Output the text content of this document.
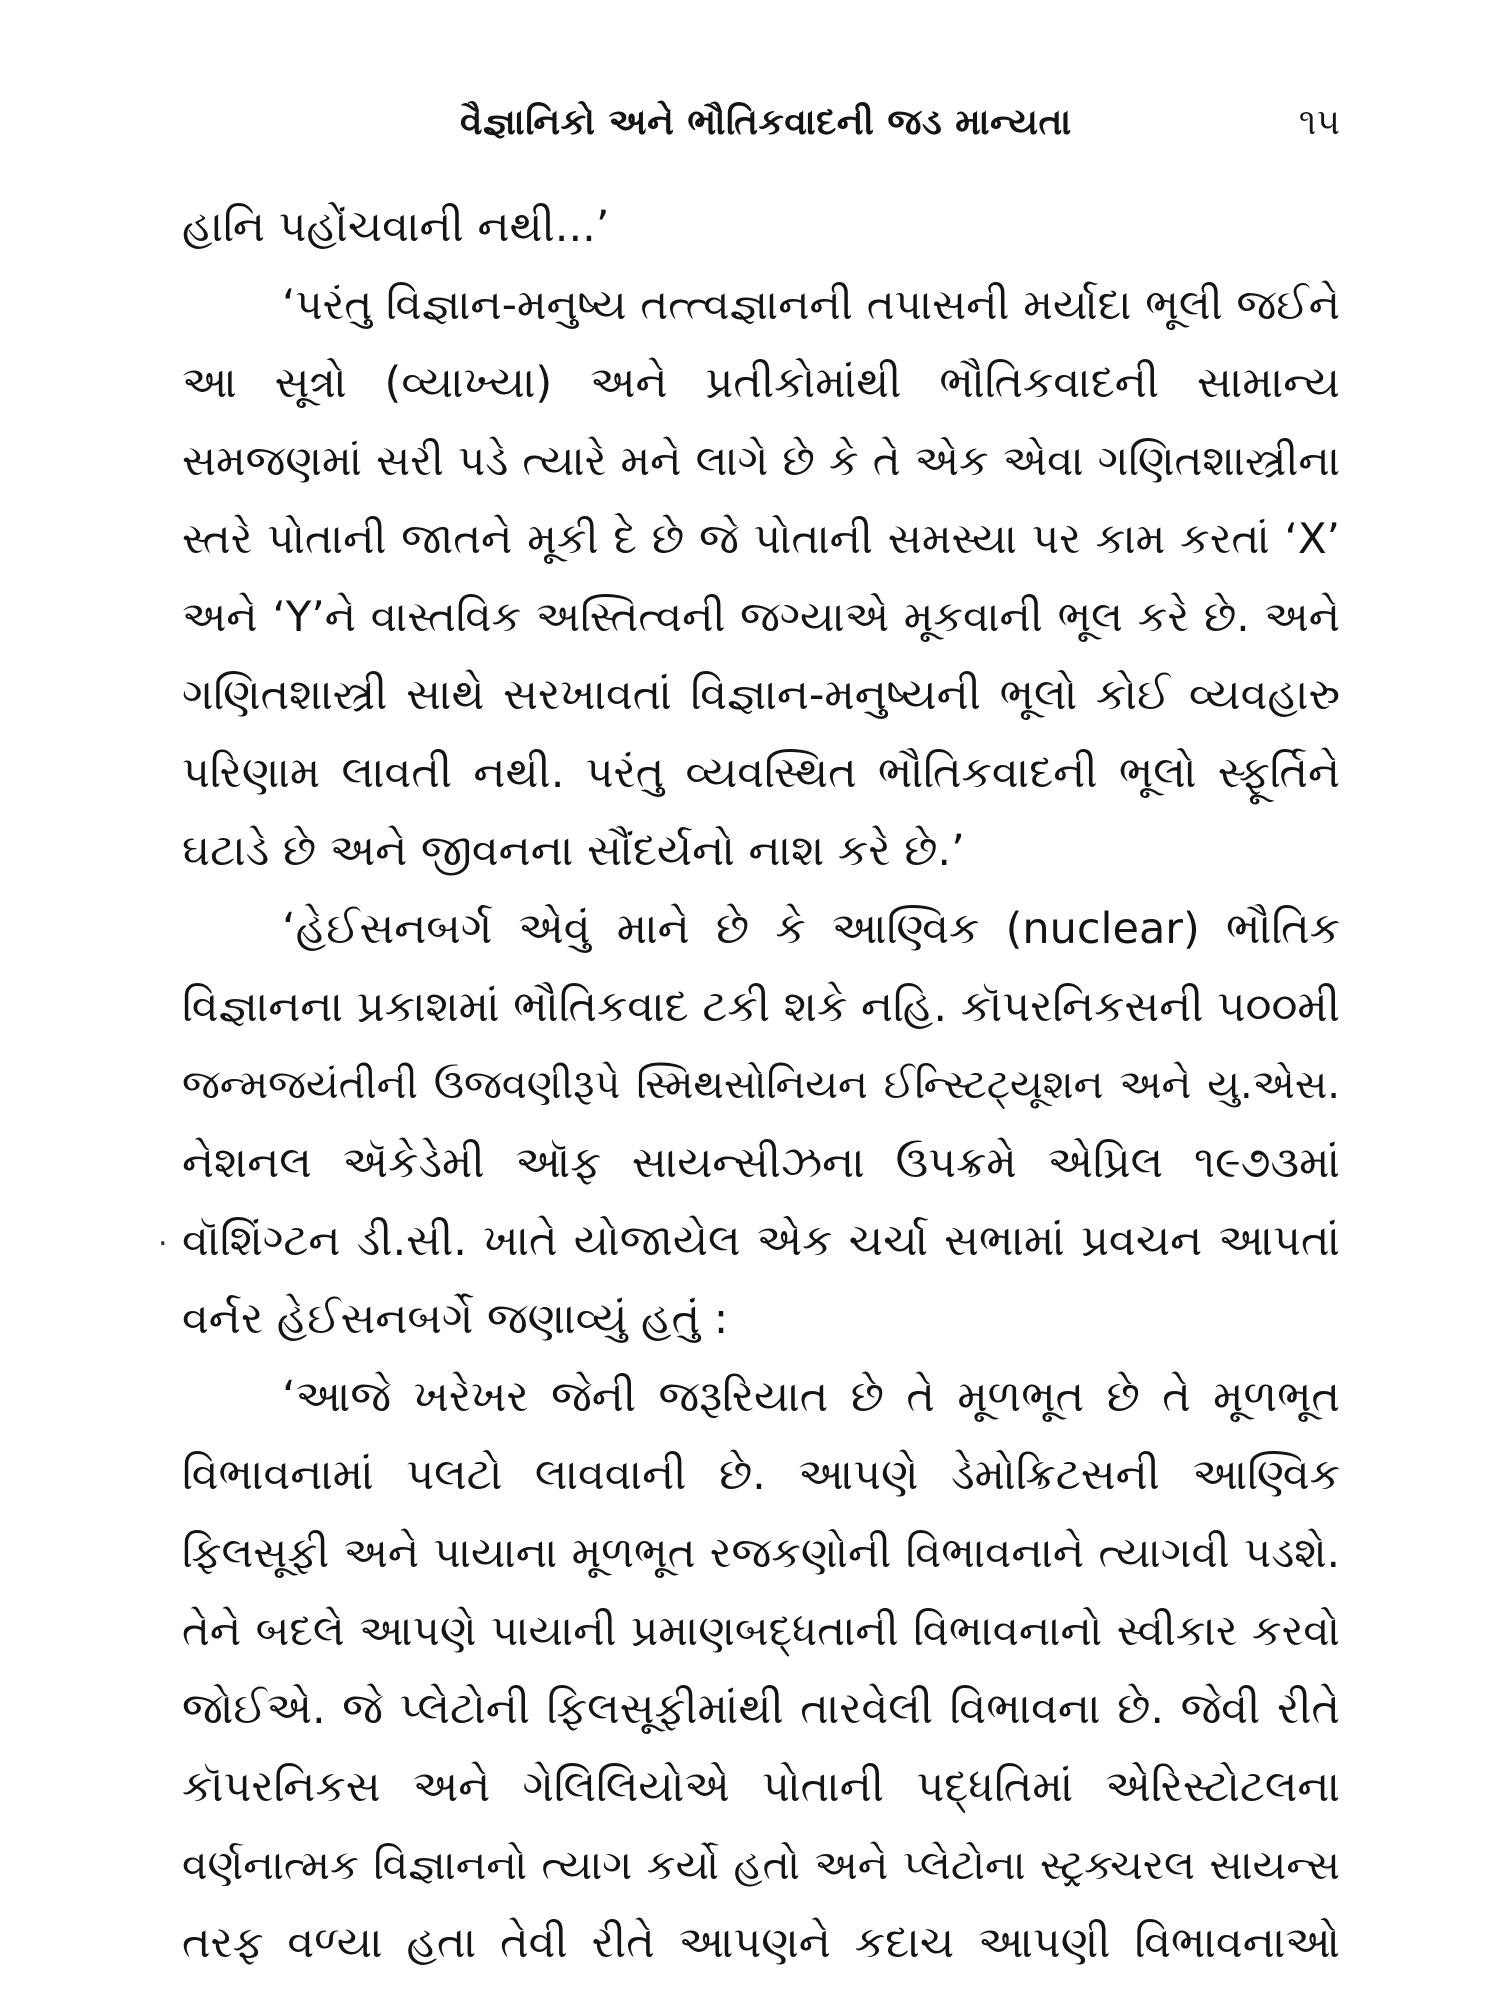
વૈજ્ઞાનિકો અને ભૌતિકવાદની જડ માન્યતા	૧૫
હાનિ પહોંચવાની નથી...’
‘પરંતુ વિજ્ઞાન-મનુષ્ય તત્ત્વજ્ઞાનની તપાસની મર્યાદા ભૂલી જઈને
આ સૂત્રો (વ્યાખ્યા) અને પ્રતીકોમાંથી ભૌતિકવાદની સામાન્ય
સમજણમાં સરી પડે ત્યારે મને લાગે છે કે તે એક એવા ગણિતશાસ્ત્રીના
સ્તરે પોતાની જાતને મૂકી દે છે જે પોતાની સમસ્યા પર કામ કરતાં ‘X’
અને ‘Y’ને વાસ્તવિક અસ્તિત્વની જગ્યાએ મૂકવાની ભૂલ કરે છે. અને
ગણિતશાસ્ત્રી સાથે સરખાવતાં વિજ્ઞાન-મનુષ્યની ભૂલો કોઈ વ્યવહારુ
પરિણામ લાવતી નથી. પરંતુ વ્યવસ્થિત ભૌતિકવાદની ભૂલો સ્ફૂર્તિને
ઘટાડે છે અને જીવનના સૌંદર્યનો નાશ કરે છે.’
‘હેઈસનબર્ગ એવું માને છે કે આણ્વિક (nuclear) ભૌતિક
વિજ્ઞાનના પ્રકાશમાં ભૌતિકવાદ ટકી શકે નહિ. કૉપરનિકસની ૫૦૦મી
જન્મજયંતીની ઉજવણીરૂપે સ્મિથસોનિયન ઈન્સ્ટિટ્યૂશન અને યુ.એસ.
નેશનલ ઍકેડેમી ઑફ સાયન્સીઝના ઉપક્રમે એપ્રિલ ૧૯૭૩માં
વૉશિંગ્ટન ડી.સી. ખાતે યોજાયેલ એક ચર્ચા સભામાં પ્રવચન આપતાં
વર્નર હેઈસનબર્ગે જણાવ્યું હતું :
‘આજે ખરેખર જેની જરૂરિયાત છે તે મૂળભૂત છે તે મૂળભૂત
વિભાવનામાં પલટો લાવવાની છે. આપણે ડેમોક્રિટસની આણ્વિક
ફિલસૂફી અને પાયાના મૂળભૂત રજકણોની વિભાવનાને ત્યાગવી પડશે.
તેને બદલે આપણે પાયાની પ્રમાણબદ્ધતાની વિભાવનાનો સ્વીકાર કરવો
જોઈએ. જે પ્લેટોની ફિલસૂફીમાંથી તારવેલી વિભાવના છે. જેવી રીતે
કૉપરનિકસ અને ગેલિલિયોએ પોતાની પદ્ધતિમાં એરિસ્ટોટલના
વર્ણનાત્મક વિજ્ઞાનનો ત્યાગ કર્યો હતો અને પ્લેટોના સ્ટ્રક્ચરલ સાયન્સ
તરફ વળ્યા હતા તેવી રીતે આપણને કદાચ આપણી વિભાવનાઓ
.
